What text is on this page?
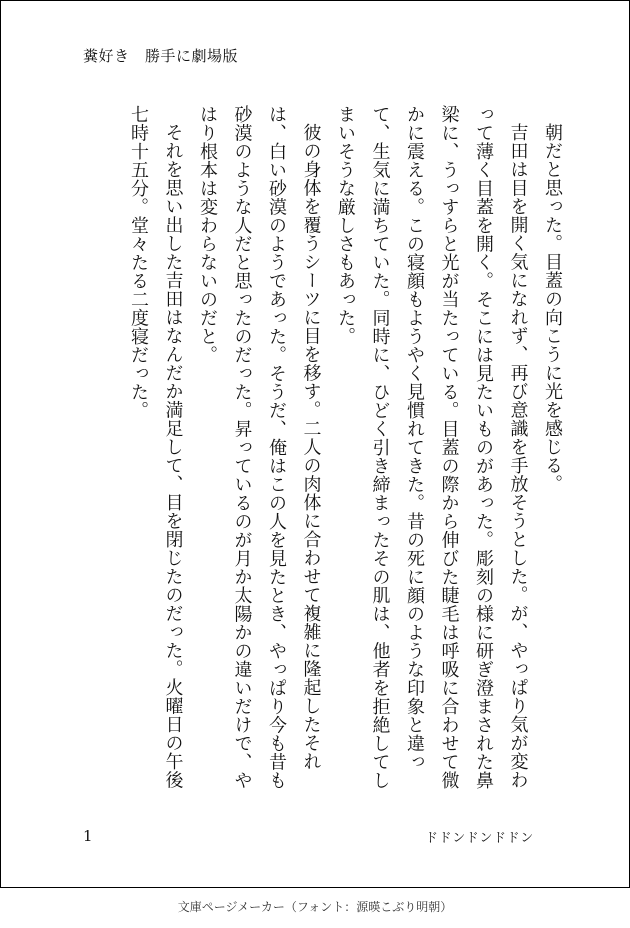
糞好き　勝手に劇場版

朝だと思った。目蓋の向こうに光を感じる。

吉田は目を開く気になれず、再び意識を手放そうとした。が、やっぱり気が変わって薄く目蓋を開く。そこには見たいものがあった。彫刻の様に研ぎ澄まされた鼻梁に、うっすらと光が当たっている。目蓋の際から伸びた睫毛は呼吸に合わせて微かに震える。この寝顔もようやく見慣れてきた。昔の死に顔のような印象と違って、生気に満ちていた。同時に、ひどく引き締まったその肌は、他者を拒絶してしまいそうな厳しさもあった。

彼の身体を覆うシーツに目を移す。二人の肉体に合わせて複雑に隆起したそれは、白い砂漠のようであった。そうだ、俺はこの人を見たとき、やっぱり今も昔も砂漠のような人だと思ったのだった。昇っているのが月か太陽かの違いだけで、やはり根本は変わらないのだと。

それを思い出した吉田はなんだか満足して、目を閉じたのだった。火曜日の午後七時十五分。堂々たる二度寝だった。

1	ドドンドンドドン
文庫ページメーカー（フォント：源暎こぶり明朝）
